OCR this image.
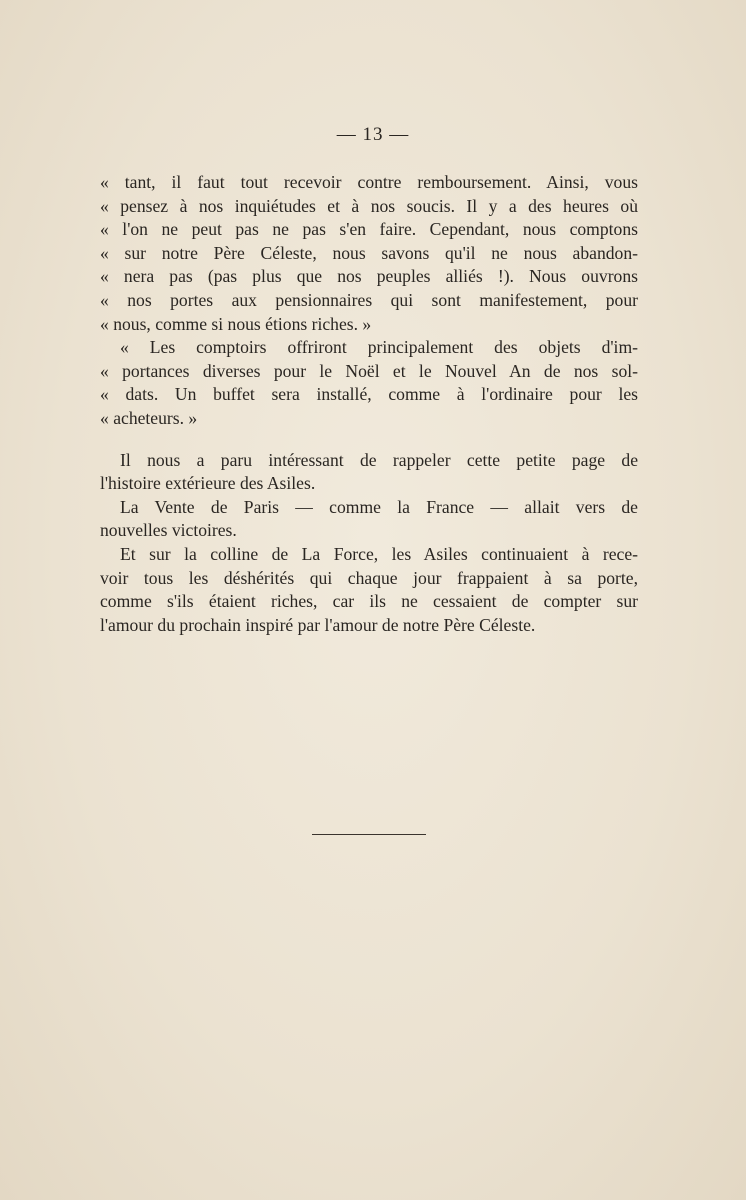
— 13 —
« tant, il faut tout recevoir contre remboursement. Ainsi, vous
« pensez à nos inquiétudes et à nos soucis. Il y a des heures où
« l'on ne peut pas ne pas s'en faire. Cependant, nous comptons
« sur notre Père Céleste, nous savons qu'il ne nous abandon-
« nera pas (pas plus que nos peuples alliés !). Nous ouvrons
« nos portes aux pensionnaires qui sont manifestement, pour
« nous, comme si nous étions riches. »
« Les comptoirs offriront principalement des objets d'im-
« portances diverses pour le Noël et le Nouvel An de nos sol-
« dats. Un buffet sera installé, comme à l'ordinaire pour les
« acheteurs. »
Il nous a paru intéressant de rappeler cette petite page de
l'histoire extérieure des Asiles.
La Vente de Paris — comme la France — allait vers de
nouvelles victoires.
Et sur la colline de La Force, les Asiles continuaient à rece-
voir tous les déshérités qui chaque jour frappaient à sa porte,
comme s'ils étaient riches, car ils ne cessaient de compter sur
l'amour du prochain inspiré par l'amour de notre Père Céleste.
